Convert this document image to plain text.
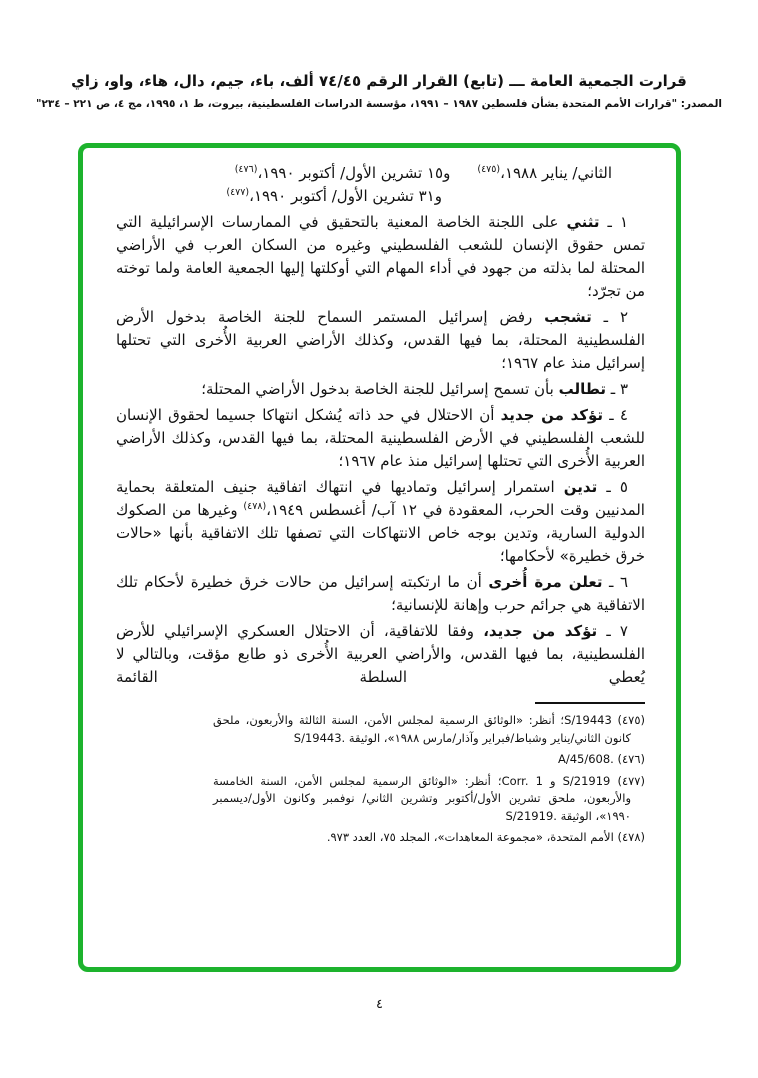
قرارت الجمعية العامة ـــ (تابع) القرار الرقم ٧٤/٤٥ ألف، باء، جيم، دال، هاء، واو، زاي
المصدر: "قرارات الأمم المتحدة بشأن فلسطين ١٩٨٧ – ١٩٩١، مؤسسة الدراسات الفلسطينية، بيروت، ط ١، ١٩٩٥، مج ٤، ص ٢٢١ – ٢٣٤"
الثاني/ يناير ١٩٨٨،$^{(٤٧٥)}$و١٥ تشرين الأول/ أكتوبر ١٩٩٠،$^{(٤٧٦)}$
و٣١ تشرين الأول/ أكتوبر ١٩٩٠،$^{(٤٧٧)}$

١ ـ تثني على اللجنة الخاصة المعنية بالتحقيق في الممارسات الإسرائيلية التي تمس حقوق الإنسان للشعب الفلسطيني وغيره من السكان العرب في الأراضي المحتلة لما بذلته من جهود في أداء المهام التي أوكلتها إليها الجمعية العامة ولما توخته من تجرّد؛

٢ ـ تشجب رفض إسرائيل المستمر السماح للجنة الخاصة بدخول الأرض الفلسطينية المحتلة، بما فيها القدس، وكذلك الأراضي العربية الأُخرى التي تحتلها إسرائيل منذ عام ١٩٦٧؛

٣ ـ تطالب بأن تسمح إسرائيل للجنة الخاصة بدخول الأراضي المحتلة؛

٤ ـ تؤكد من جديد أن الاحتلال في حد ذاته يُشكل انتهاكا جسيما لحقوق الإنسان للشعب الفلسطيني في الأرض الفلسطينية المحتلة، بما فيها القدس، وكذلك الأراضي العربية الأُخرى التي تحتلها إسرائيل منذ عام ١٩٦٧؛

٥ ـ تدين استمرار إسرائيل وتماديها في انتهاك اتفاقية جنيف المتعلقة بحماية المدنيين وقت الحرب، المعقودة في ١٢ آب/ أغسطس ١٩٤٩،$^{(٤٧٨)}$ وغيرها من الصكوك الدولية السارية، وتدين بوجه خاص الانتهاكات التي تصفها تلك الاتفاقية بأنها «حالات خرق خطيرة» لأحكامها؛

٦ ـ تعلن مرة أُخرى أن ما ارتكبته إسرائيل من حالات خرق خطيرة لأحكام تلك الاتفاقية هي جرائم حرب وإهانة للإنسانية؛

٧ ـ تؤكد من جديد، وفقا للاتفاقية، أن الاحتلال العسكري الإسرائيلي للأرض الفلسطينية، بما فيها القدس، والأراضي العربية الأُخرى ذو طابع مؤقت، وبالتالي لا يُعطي السلطة القائمة

(٤٧٥) S/19443؛ أنظر: «الوثائق الرسمية لمجلس الأمن، السنة الثالثة والأربعون، ملحق كانون الثاني/يناير وشباط/فبراير وآذار/مارس ١٩٨٨»، الوثيقة S/19443.

(٤٧٦) A/45/608.

(٤٧٧) S/21919 و Corr. 1؛ أنظر: «الوثائق الرسمية لمجلس الأمن، السنة الخامسة والأربعون، ملحق تشرين الأول/أكتوبر وتشرين الثاني/ نوفمبر وكانون الأول/ديسمبر ١٩٩٠»، الوثيقة S/21919.

(٤٧٨) الأمم المتحدة، «مجموعة المعاهدات»، المجلد ٧٥، العدد ٩٧٣.

٤
